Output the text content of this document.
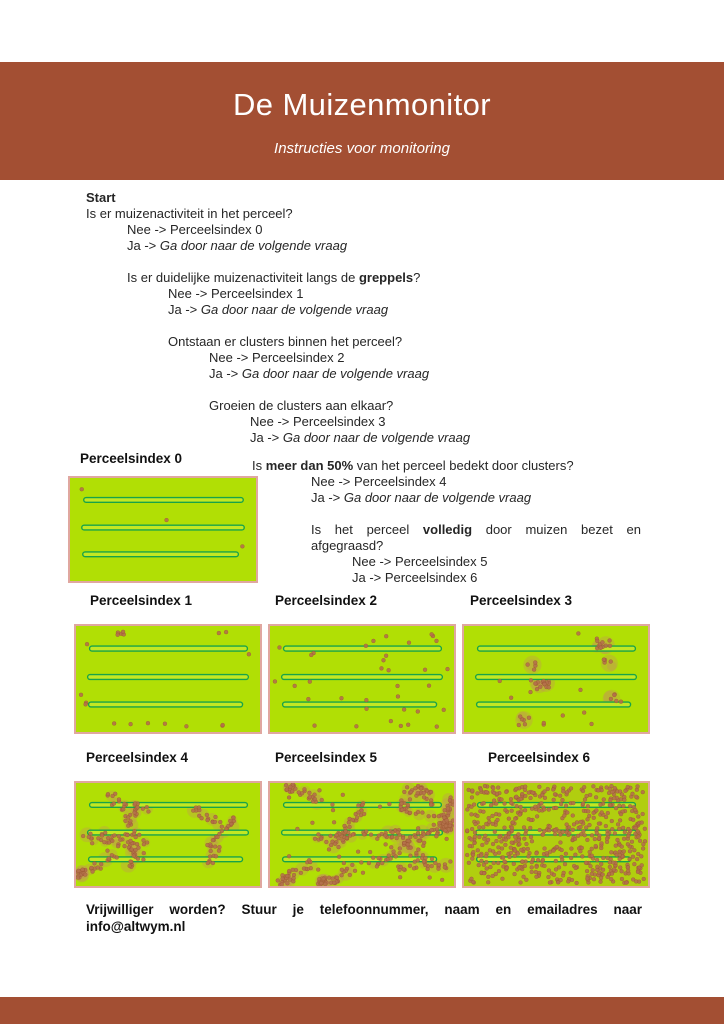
De Muizenmonitor
Instructies voor monitoring
Start
Is er muizenactiviteit in het perceel?
Nee -> Perceelsindex 0
Ja -> Ga door naar de volgende vraag
Is er duidelijke muizenactiviteit langs de greppels?
Nee -> Perceelsindex 1
Ja -> Ga door naar de volgende vraag
Ontstaan er clusters binnen het perceel?
Nee -> Perceelsindex 2
Ja -> Ga door naar de volgende vraag
Groeien de clusters aan elkaar?
Nee -> Perceelsindex 3
Ja -> Ga door naar de volgende vraag
Is meer dan 50% van het perceel bedekt door clusters?
Nee -> Perceelsindex 4
Ja -> Ga door naar de volgende vraag
Is het perceel volledig door muizen bezet en afgegraasd?
Nee -> Perceelsindex 5
Ja -> Perceelsindex 6
Perceelsindex 0
Perceelsindex 1	Perceelsindex 2	Perceelsindex 3
Perceelsindex 4	Perceelsindex 5	Perceelsindex 6
Vrijwilliger worden? Stuur je telefoonnummer, naam en emailadres naar
info@altwym.nl
